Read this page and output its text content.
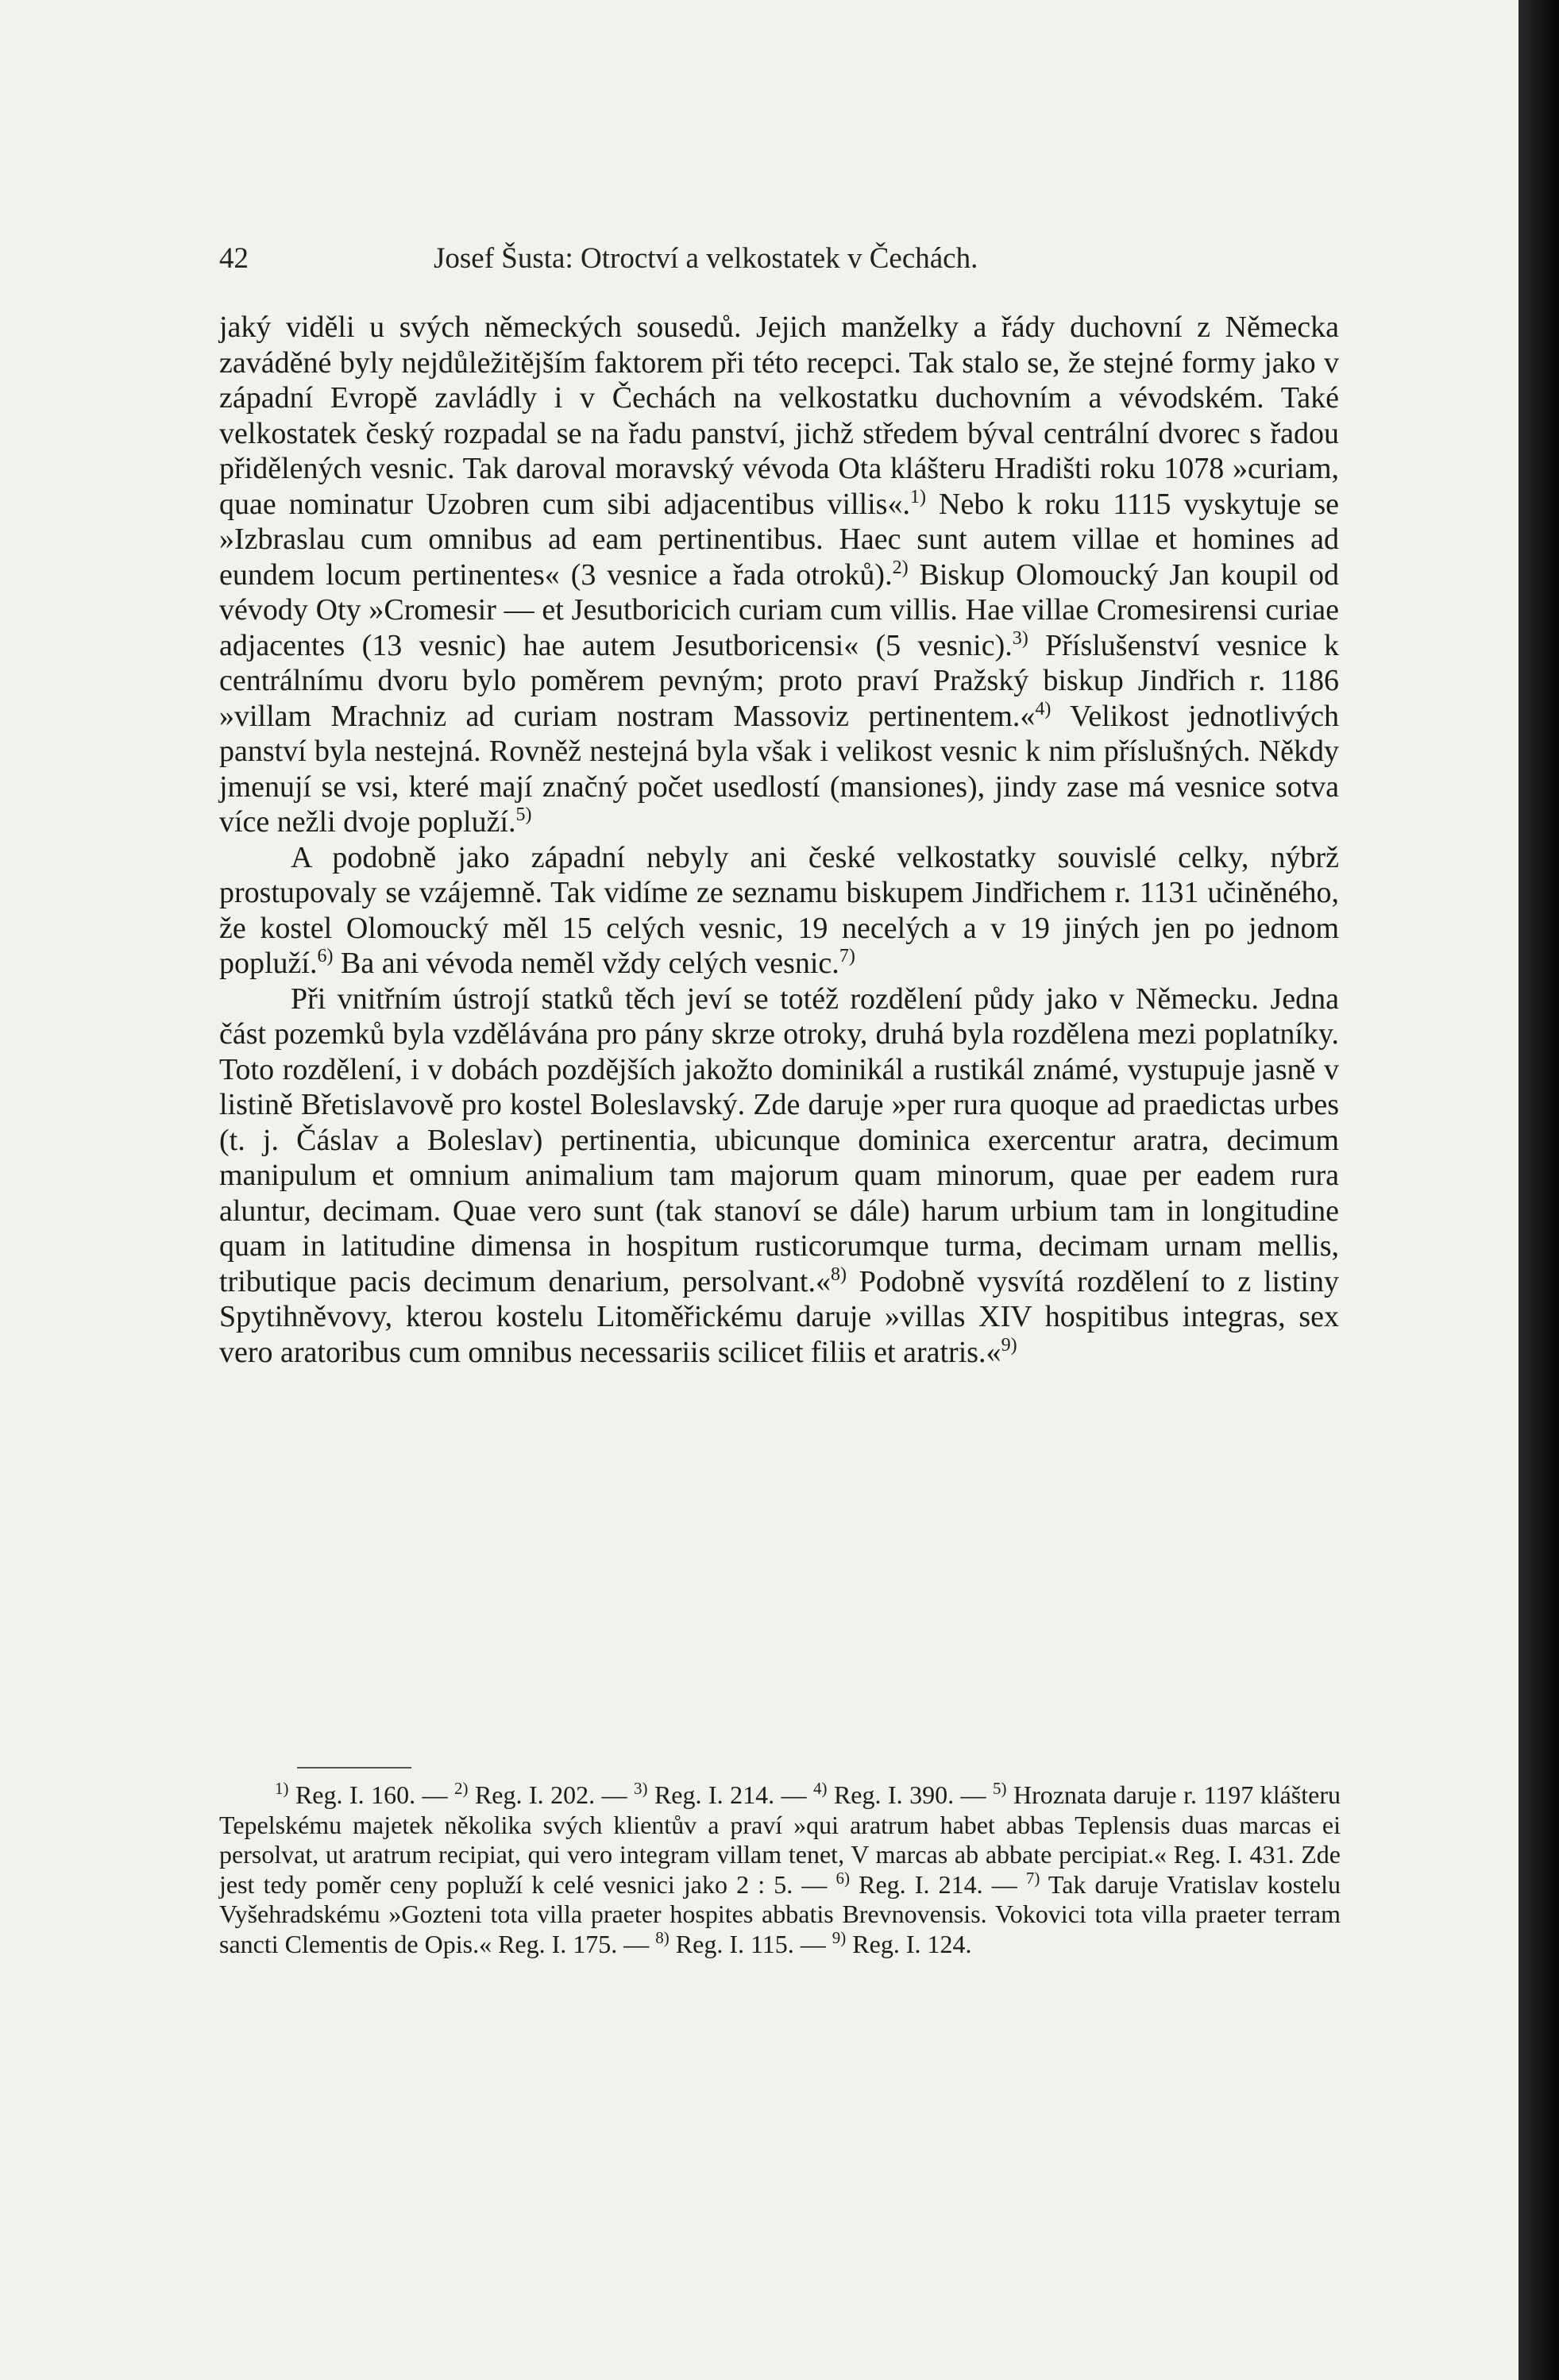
42	Josef Šusta: Otroctví a velkostatek v Čechách.

jaký viděli u svých německých sousedů. Jejich manželky a řády duchovní z Německa zaváděné byly nejdůležitějším faktorem při této recepci. Tak stalo se, že stejné formy jako v západní Evropě zavládly i v Čechách na velkostatku duchovním a vévodském. Také velkostatek český rozpadal se na řadu panství, jichž středem býval centrální dvorec s řadou přidělených vesnic. Tak daroval moravský vévoda Ota klášteru Hradišti roku 1078 »curiam, quae nominatur Uzobren cum sibi adjacentibus villis«.$^{1)}$ Nebo k roku 1115 vyskytuje se »Izbraslau cum omnibus ad eam pertinentibus. Haec sunt autem villae et homines ad eundem locum pertinentes« (3 vesnice a řada otroků).$^{2)}$ Biskup Olomoucký Jan koupil od vévody Oty »Cromesir — et Jesutboricich curiam cum villis. Hae villae Cromesirensi curiae adjacentes (13 vesnic) hae autem Jesutboricensi« (5 vesnic).$^{3)}$ Příslušenství vesnice k centrálnímu dvoru bylo poměrem pevným; proto praví Pražský biskup Jindřich r. 1186 »villam Mrachniz ad curiam nostram Massoviz pertinentem.«$^{4)}$ Velikost jednotlivých panství byla nestejná. Rovněž nestejná byla však i velikost vesnic k nim příslušných. Někdy jmenují se vsi, které mají značný počet usedlostí (mansiones), jindy zase má vesnice sotva více nežli dvoje popluží.$^{5)}$

A podobně jako západní nebyly ani české velkostatky souvislé celky, nýbrž prostupovaly se vzájemně. Tak vidíme ze seznamu biskupem Jindřichem r. 1131 učiněného, že kostel Olomoucký měl 15 celých vesnic, 19 necelých a v 19 jiných jen po jednom popluží.$^{6)}$ Ba ani vévoda neměl vždy celých vesnic.$^{7)}$

Při vnitřním ústrojí statků těch jeví se totéž rozdělení půdy jako v Německu. Jedna část pozemků byla vzdělávána pro pány skrze otroky, druhá byla rozdělena mezi poplatníky. Toto rozdělení, i v dobách pozdějších jakožto dominikál a rustikál známé, vystupuje jasně v listině Břetislavově pro kostel Boleslavský. Zde daruje »per rura quoque ad praedictas urbes (t. j. Čáslav a Boleslav) pertinentia, ubicunque dominica exercentur aratra, decimum manipulum et omnium animalium tam majorum quam minorum, quae per eadem rura aluntur, decimam. Quae vero sunt (tak stanoví se dále) harum urbium tam in longitudine quam in latitudine dimensa in hospitum rusticorumque turma, decimam urnam mellis, tributique pacis decimum denarium, persolvant.«$^{8)}$ Podobně vysvítá rozdělení to z listiny Spytihněvovy, kterou kostelu Litoměřickému daruje »villas XIV hospitibus integras, sex vero aratoribus cum omnibus necessariis scilicet filiis et aratris.«$^{9)}$

$^{1)}$ Reg. I. 160. — $^{2)}$ Reg. I. 202. — $^{3)}$ Reg. I. 214. — $^{4)}$ Reg. I. 390. — $^{5)}$ Hroznata daruje r. 1197 klášteru Tepelskému majetek několika svých klientův a praví »qui aratrum habet abbas Teplensis duas marcas ei persolvat, ut aratrum recipiat, qui vero integram villam tenet, V marcas ab abbate percipiat.« Reg. I. 431. Zde jest tedy poměr ceny popluží k celé vesnici jako 2 : 5. — $^{6)}$ Reg. I. 214. — $^{7)}$ Tak daruje Vratislav kostelu Vyšehradskému »Gozteni tota villa praeter hospites abbatis Brevnovensis. Vokovici tota villa praeter terram sancti Clementis de Opis.« Reg. I. 175. — $^{8)}$ Reg. I. 115. — $^{9)}$ Reg. I. 124.
